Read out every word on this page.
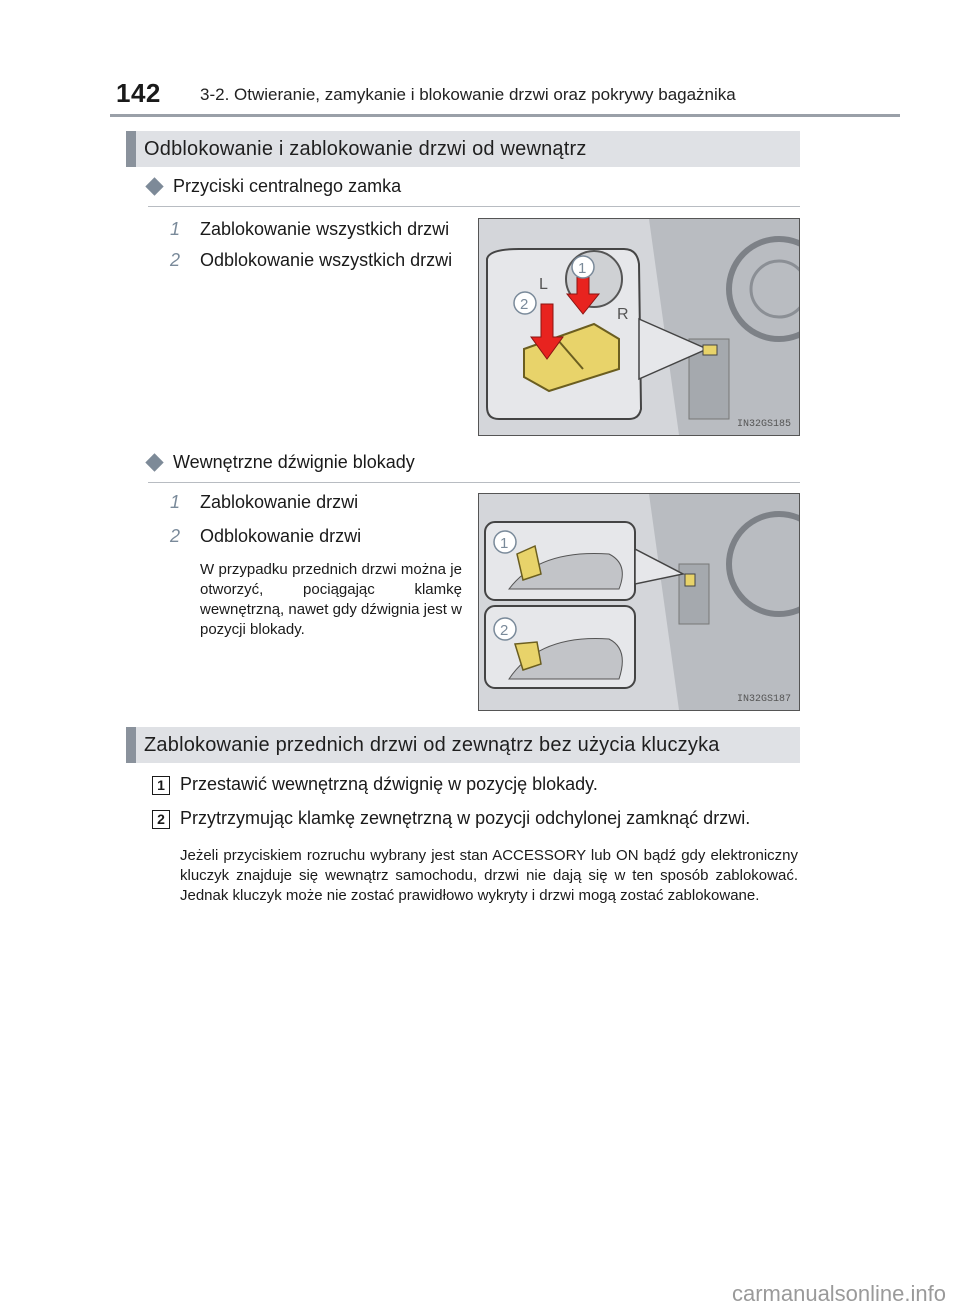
142 3-2. Otwieranie, zamykanie i blokowanie drzwi oraz pokrywy bagażnika
Odblokowanie i zablokowanie drzwi od wewnątrz
Przyciski centralnego zamka
1 Zablokowanie wszystkich drzwi
2 Odblokowanie wszystkich drzwi
L
R
1
2
IN32GS185
Wewnętrzne dźwignie blokady
1 Zablokowanie drzwi
2 Odblokowanie drzwi
W przypadku przednich drzwi można je otworzyć, pociągając klamkę wewnętrzną, nawet gdy dźwignia jest w pozycji blokady.
1
2
IN32GS187
Zablokowanie przednich drzwi od zewnątrz bez użycia kluczyka
1 Przestawić wewnętrzną dźwignię w pozycję blokady.
2 Przytrzymując klamkę zewnętrzną w pozycji odchylonej zamknąć drzwi.
Jeżeli przyciskiem rozruchu wybrany jest stan ACCESSORY lub ON bądź gdy elektroniczny kluczyk znajduje się wewnątrz samochodu, drzwi nie dają się w ten sposób zablokować. Jednak kluczyk może nie zostać prawidłowo wykryty i drzwi mogą zostać zablokowane.
carmanualsonline.info
